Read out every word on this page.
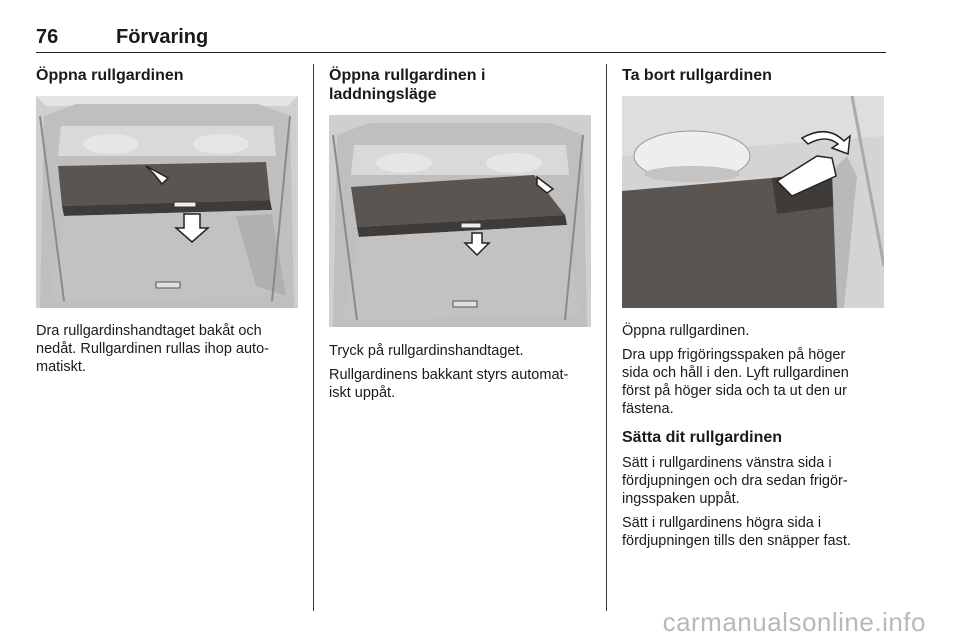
76	Förvaring
Öppna rullgardinen

Dra rullgardinshandtaget bakåt och
nedåt. Rullgardinen rullas ihop auto-
matiskt.

Öppna rullgardinen i
laddningsläge

Tryck på rullgardinshandtaget.

Rullgardinens bakkant styrs automat-
iskt uppåt.

Ta bort rullgardinen

Öppna rullgardinen.

Dra upp frigöringsspaken på höger
sida och håll i den. Lyft rullgardinen
först på höger sida och ta ut den ur
fästena.

Sätta dit rullgardinen

Sätt i rullgardinens vänstra sida i
fördjupningen och dra sedan frigör-
ingsspaken uppåt.

Sätt i rullgardinens högra sida i
fördjupningen tills den snäpper fast.

carmanualsonline.info
